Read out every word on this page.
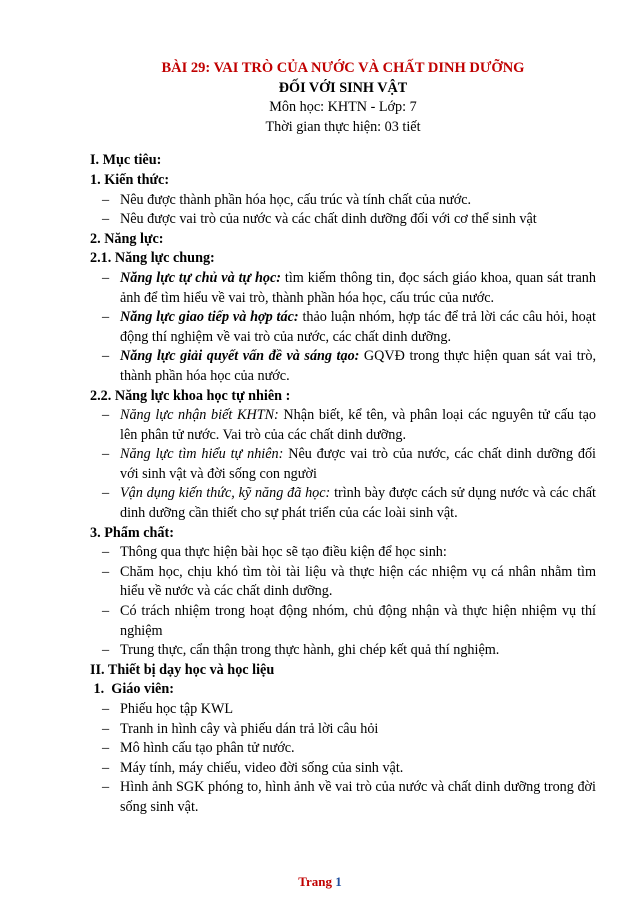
BÀI 29: VAI TRÒ CỦA NƯỚC VÀ CHẤT DINH DƯỠNG
ĐỐI VỚI SINH VẬT
Môn học: KHTN - Lớp: 7
Thời gian thực hiện: 03 tiết
I. Mục tiêu:
1. Kiến thức:
– Nêu được thành phần hóa học, cấu trúc và tính chất của nước.
– Nêu được vai trò của nước và các chất dinh dưỡng đối với cơ thể sinh vật
2. Năng lực:
2.1. Năng lực chung:
– Năng lực tự chủ và tự học: tìm kiếm thông tin, đọc sách giáo khoa, quan sát tranh ảnh để tìm hiểu về vai trò, thành phần hóa học, cấu trúc của nước.
– Năng lực giao tiếp và hợp tác: thảo luận nhóm, hợp tác để trả lời các câu hỏi, hoạt động thí nghiệm về vai trò của nước, các chất dinh dưỡng.
– Năng lực giải quyết vấn đề và sáng tạo: GQVĐ trong thực hiện quan sát vai trò, thành phần hóa học của nước.
2.2. Năng lực khoa học tự nhiên :
– Năng lực nhận biết KHTN: Nhận biết, kể tên, và phân loại các nguyên tử cấu tạo lên phân tử nước. Vai trò của các chất dinh dưỡng.
– Năng lực tìm hiểu tự nhiên: Nêu được vai trò của nước, các chất dinh dưỡng đối với sinh vật và đời sống con người
– Vận dụng kiến thức, kỹ năng đã học: trình bày được cách sử dụng nước và các chất dinh dưỡng cần thiết cho sự phát triển của các loài sinh vật.
3. Phẩm chất:
– Thông qua thực hiện bài học sẽ tạo điều kiện để học sinh:
– Chăm học, chịu khó tìm tòi tài liệu và thực hiện các nhiệm vụ cá nhân nhằm tìm hiểu về nước và các chất dinh dưỡng.
– Có trách nhiệm trong hoạt động nhóm, chủ động nhận và thực hiện nhiệm vụ thí nghiệm
– Trung thực, cẩn thận trong thực hành, ghi chép kết quả thí nghiệm.
II. Thiết bị dạy học và học liệu
1.  Giáo viên:
– Phiếu học tập KWL
– Tranh in hình cây và phiếu dán trả lời câu hỏi
– Mô hình cấu tạo phân tử nước.
– Máy tính, máy chiếu, video đời sống của sinh vật.
– Hình ảnh SGK phóng to, hình ảnh về vai trò của nước và chất dinh dưỡng trong đời sống sinh vật.
Trang 1
